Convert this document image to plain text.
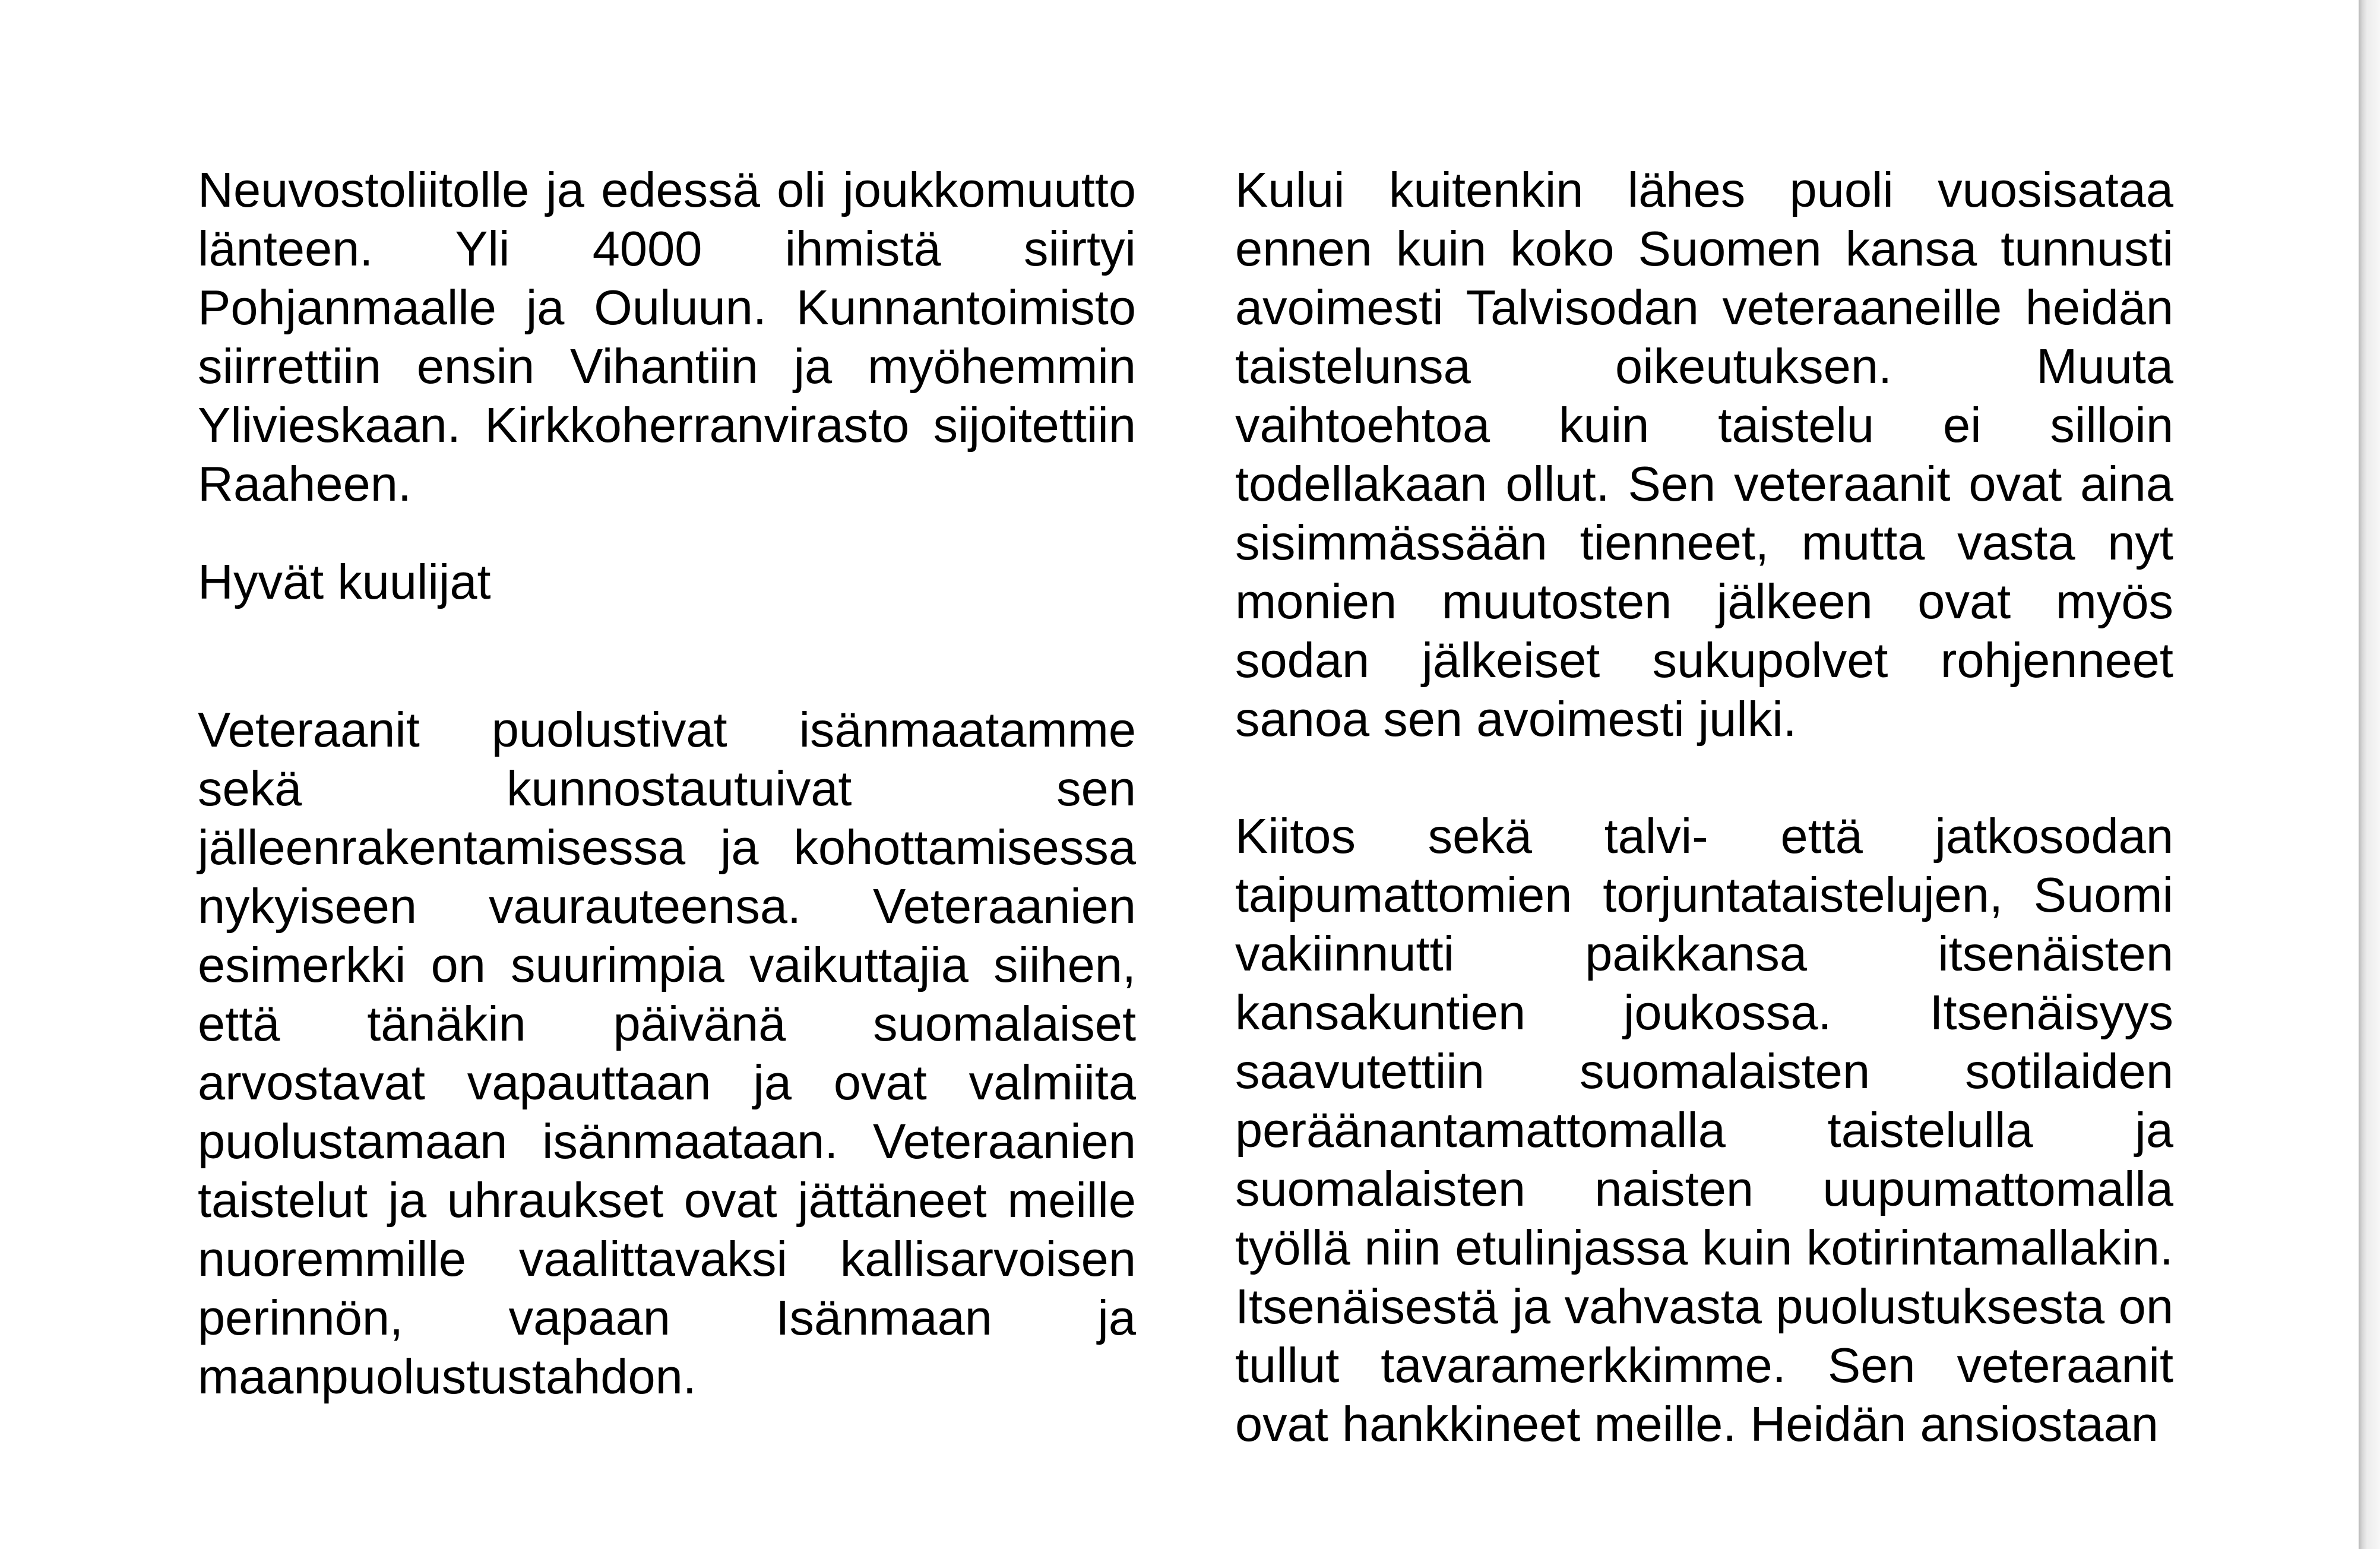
Neuvostoliitolle ja edessä oli joukkomuutto länteen. Yli 4000 ihmistä siirtyi Pohjanmaalle ja Ouluun. Kunnantoimisto siirrettiin ensin Vihantiin ja myöhemmin Ylivieskaan. Kirkkoherranvirasto sijoitettiin Raaheen.

Hyvät kuulijat

Veteraanit puolustivat isänmaatamme sekä kunnostautuivat sen jälleenrakentamisessa ja kohottamisessa nykyiseen vaurauteensa. Veteraanien esimerkki on suurimpia vaikuttajia siihen, että tänäkin päivänä suomalaiset arvostavat vapauttaan ja ovat valmiita puolustamaan isänmaataan. Veteraanien taistelut ja uhraukset ovat jättäneet meille nuoremmille vaalittavaksi kallisarvoisen perinnön, vapaan Isänmaan ja maanpuolustustahdon.

Kului kuitenkin lähes puoli vuosisataa ennen kuin koko Suomen kansa tunnusti avoimesti Talvisodan veteraaneille heidän taistelunsa oikeutuksen. Muuta vaihtoehtoa kuin taistelu ei silloin todellakaan ollut. Sen veteraanit ovat aina sisimmässään tienneet, mutta vasta nyt monien muutosten jälkeen ovat myös sodan jälkeiset sukupolvet rohjenneet sanoa sen avoimesti julki.

Kiitos sekä talvi- että jatkosodan taipumattomien torjuntataistelujen, Suomi vakiinnutti paikkansa itsenäisten kansakuntien joukossa. Itsenäisyys saavutettiin suomalaisten sotilaiden peräänantamattomalla taistelulla ja suomalaisten naisten uupumattomalla työllä niin etulinjassa kuin kotirintamallakin. Itsenäisestä ja vahvasta puolustuksesta on tullut tavaramerkkimme. Sen veteraanit ovat hankkineet meille. Heidän ansiostaan
